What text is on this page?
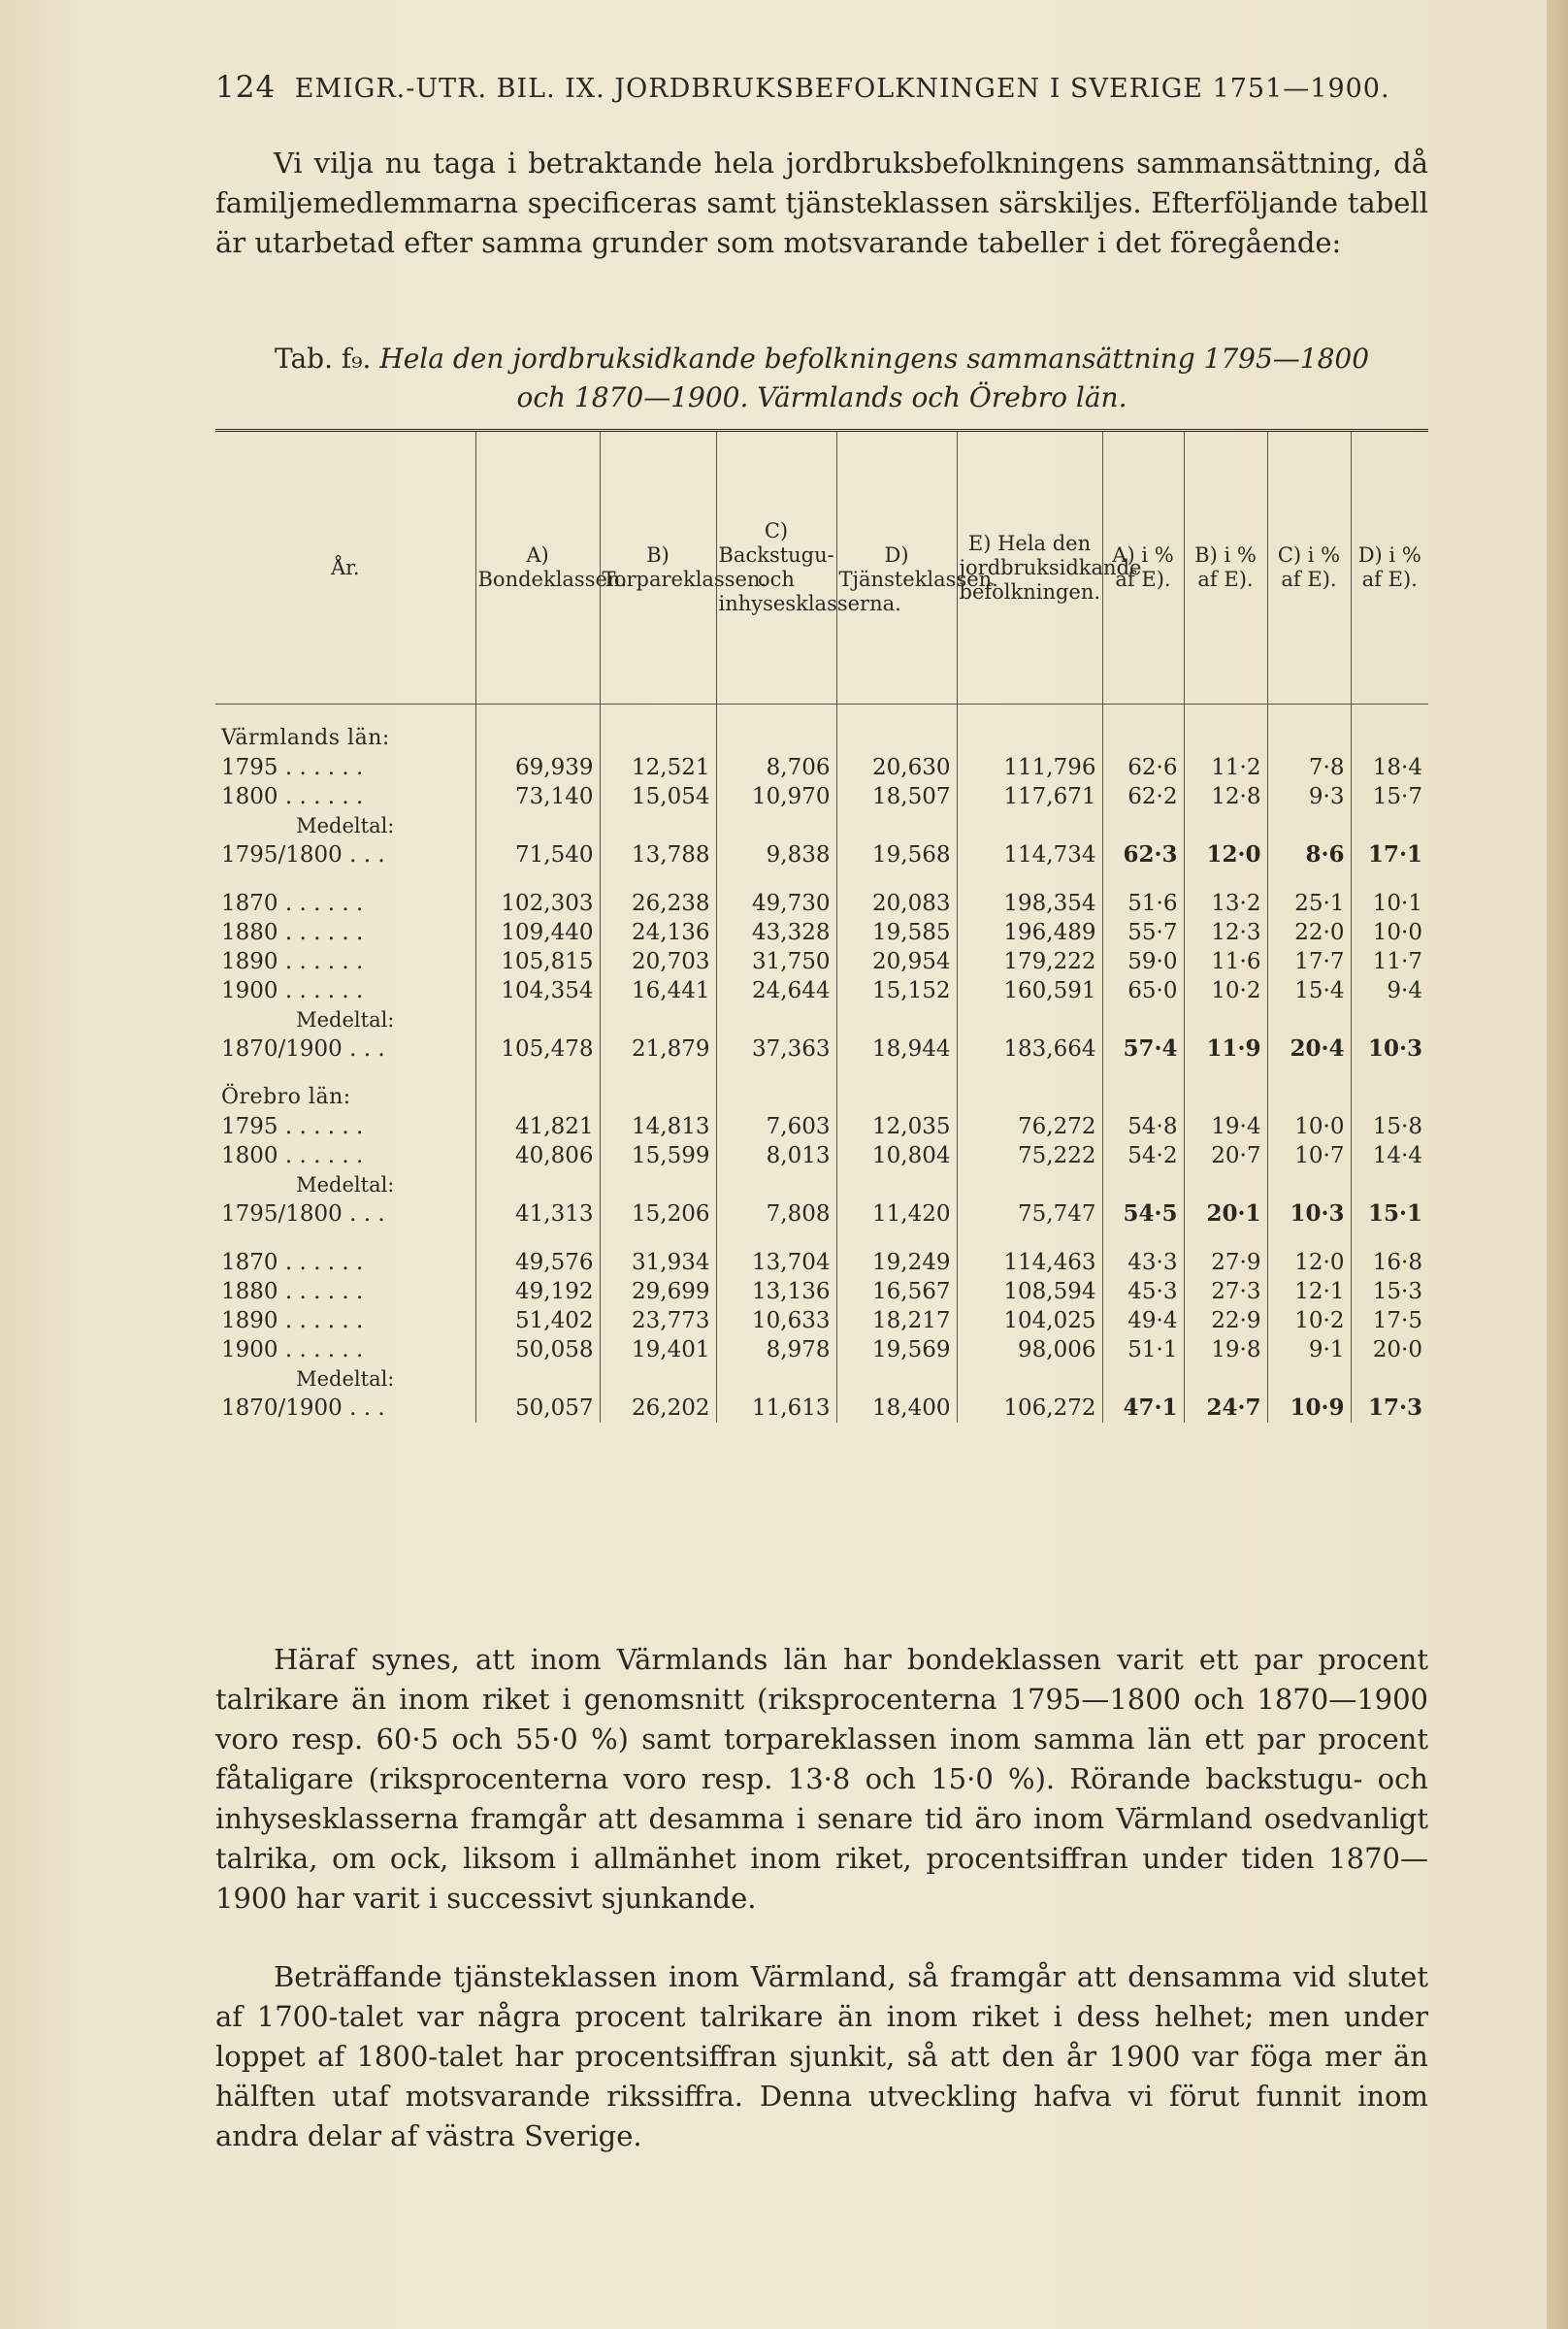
124 EMIGR.-UTR. BIL. IX. JORDBRUKSBEFOLKNINGEN I SVERIGE 1751—1900.
Vi vilja nu taga i betraktande hela jordbruksbefolkningens sammansättning, då familjemedlemmarna specificeras samt tjänsteklassen särskiljes. Efterföljande tabell är utarbetad efter samma grunder som motsvarande tabeller i det föregående:
Tab. f₉. Hela den jordbruksidkande befolkningens sammansättning 1795—1800
och 1870—1900. Värmlands och Örebro län.
År.	A) Bondeklassen.	B) Torpareklassen.	C) Backstugu- och inhysesklasserna.	D) Tjänsteklassen.	E) Hela den jordbruksidkande befolkningen.	A) i % af E).	B) i % af E).	C) i % af E).	D) i % af E).

Värmlands län:									
1795 . . . . . .	69,939	12,521	8,706	20,630	111,796	62·6	11·2	7·8	18·4
1800 . . . . . .	73,140	15,054	10,970	18,507	117,671	62·2	12·8	9·3	15·7
Medeltal:									
1795/1800 . . .	71,540	13,788	9,838	19,568	114,734	62·3	12·0	8·6	17·1

1870 . . . . . .	102,303	26,238	49,730	20,083	198,354	51·6	13·2	25·1	10·1
1880 . . . . . .	109,440	24,136	43,328	19,585	196,489	55·7	12·3	22·0	10·0
1890 . . . . . .	105,815	20,703	31,750	20,954	179,222	59·0	11·6	17·7	11·7
1900 . . . . . .	104,354	16,441	24,644	15,152	160,591	65·0	10·2	15·4	9·4
Medeltal:									
1870/1900 . . .	105,478	21,879	37,363	18,944	183,664	57·4	11·9	20·4	10·3

Örebro län:									
1795 . . . . . .	41,821	14,813	7,603	12,035	76,272	54·8	19·4	10·0	15·8
1800 . . . . . .	40,806	15,599	8,013	10,804	75,222	54·2	20·7	10·7	14·4
Medeltal:									
1795/1800 . . .	41,313	15,206	7,808	11,420	75,747	54·5	20·1	10·3	15·1

1870 . . . . . .	49,576	31,934	13,704	19,249	114,463	43·3	27·9	12·0	16·8
1880 . . . . . .	49,192	29,699	13,136	16,567	108,594	45·3	27·3	12·1	15·3
1890 . . . . . .	51,402	23,773	10,633	18,217	104,025	49·4	22·9	10·2	17·5
1900 . . . . . .	50,058	19,401	8,978	19,569	98,006	51·1	19·8	9·1	20·0
Medeltal:									
1870/1900 . . .	50,057	26,202	11,613	18,400	106,272	47·1	24·7	10·9	17·3
Häraf synes, att inom Värmlands län har bondeklassen varit ett par procent talrikare än inom riket i genomsnitt (riksprocenterna 1795—1800 och 1870—1900 voro resp. 60·5 och 55·0 %) samt torpareklassen inom samma län ett par procent fåtaligare (riksprocenterna voro resp. 13·8 och 15·0 %). Rörande backstugu- och inhysesklasserna framgår att desamma i senare tid äro inom Värmland osedvanligt talrika, om ock, liksom i allmänhet inom riket, procentsiffran under tiden 1870—1900 har varit i successivt sjunkande.
Beträffande tjänsteklassen inom Värmland, så framgår att densamma vid slutet af 1700-talet var några procent talrikare än inom riket i dess helhet; men under loppet af 1800-talet har procentsiffran sjunkit, så att den år 1900 var föga mer än hälften utaf motsvarande rikssiffra. Denna utveckling hafva vi förut funnit inom andra delar af västra Sverige.
